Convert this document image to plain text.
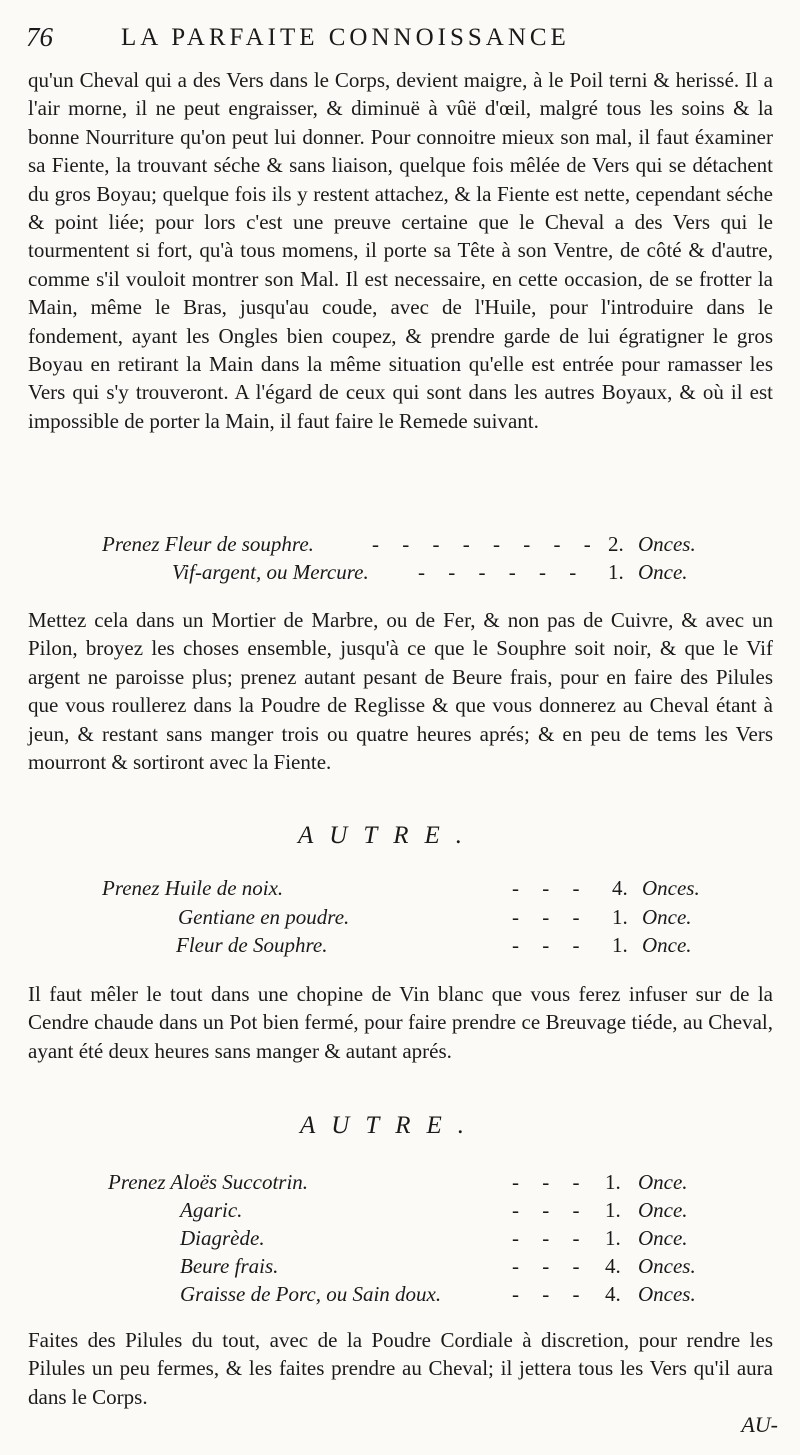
76	LA PARFAITE CONNOISSANCE

qu'un Cheval qui a des Vers dans le Corps, devient maigre, à le Poil terni & herissé. Il a l'air morne, il ne peut engraisser, & diminuë à vûë d'œil, malgré tous les soins & la bonne Nourriture qu'on peut lui donner. Pour connoitre mieux son mal, il faut éxaminer sa Fiente, la trouvant séche & sans liaison, quelque fois mêlée de Vers qui se détachent du gros Boyau; quelque fois ils y restent attachez, & la Fiente est nette, cependant séche & point liée; pour lors c'est une preuve certaine que le Cheval a des Vers qui le tourmentent si fort, qu'à tous momens, il porte sa Tête à son Ventre, de côté & d'autre, comme s'il vouloit montrer son Mal. Il est necessaire, en cette occasion, de se frotter la Main, même le Bras, jusqu'au coude, avec de l'Huile, pour l'introduire dans le fondement, ayant les Ongles bien coupez, & prendre garde de lui égratigner le gros Boyau en retirant la Main dans la même situation qu'elle est entrée pour ramasser les Vers qui s'y trouveront. A l'égard de ceux qui sont dans les autres Boyaux, & où il est impossible de porter la Main, il faut faire le Remede suivant.

Prenez Fleur de souphre.	- - - - - - - - 2. Onces.
Vif-argent, ou Mercure. - - - - - - 1. Once.

Mettez cela dans un Mortier de Marbre, ou de Fer, & non pas de Cuivre, & avec un Pilon, broyez les choses ensemble, jusqu'à ce que le Souphre soit noir, & que le Vif argent ne paroisse plus; prenez autant pesant de Beure frais, pour en faire des Pilules que vous roullerez dans la Poudre de Reglisse & que vous donnerez au Cheval étant à jeun, & restant sans manger trois ou quatre heures aprés; & en peu de tems les Vers mourront & sortiront avec la Fiente.

AUTRE.
Prenez Huile de noix.	- - - 4. Onces.
Gentiane en poudre.	- - - 1. Once.
Fleur de Souphre.	- - - 1. Once.

Il faut mêler le tout dans une chopine de Vin blanc que vous ferez infuser sur de la Cendre chaude dans un Pot bien fermé, pour faire prendre ce Breuvage tiéde, au Cheval, ayant été deux heures sans manger & autant aprés.

AUTRE.
Prenez Aloës Succotrin.	- - - 1. Once.
Agaric.	- - - 1. Once.
Diagrède.	- - - 1. Once.
Beure frais.	- - - 4. Onces.
Graisse de Porc, ou Sain doux.	- - - 4. Onces.

Faites des Pilules du tout, avec de la Poudre Cordiale à discretion, pour rendre les Pilules un peu fermes, & les faites prendre au Cheval; il jettera tous les Vers qu'il aura dans le Corps.

AU-
